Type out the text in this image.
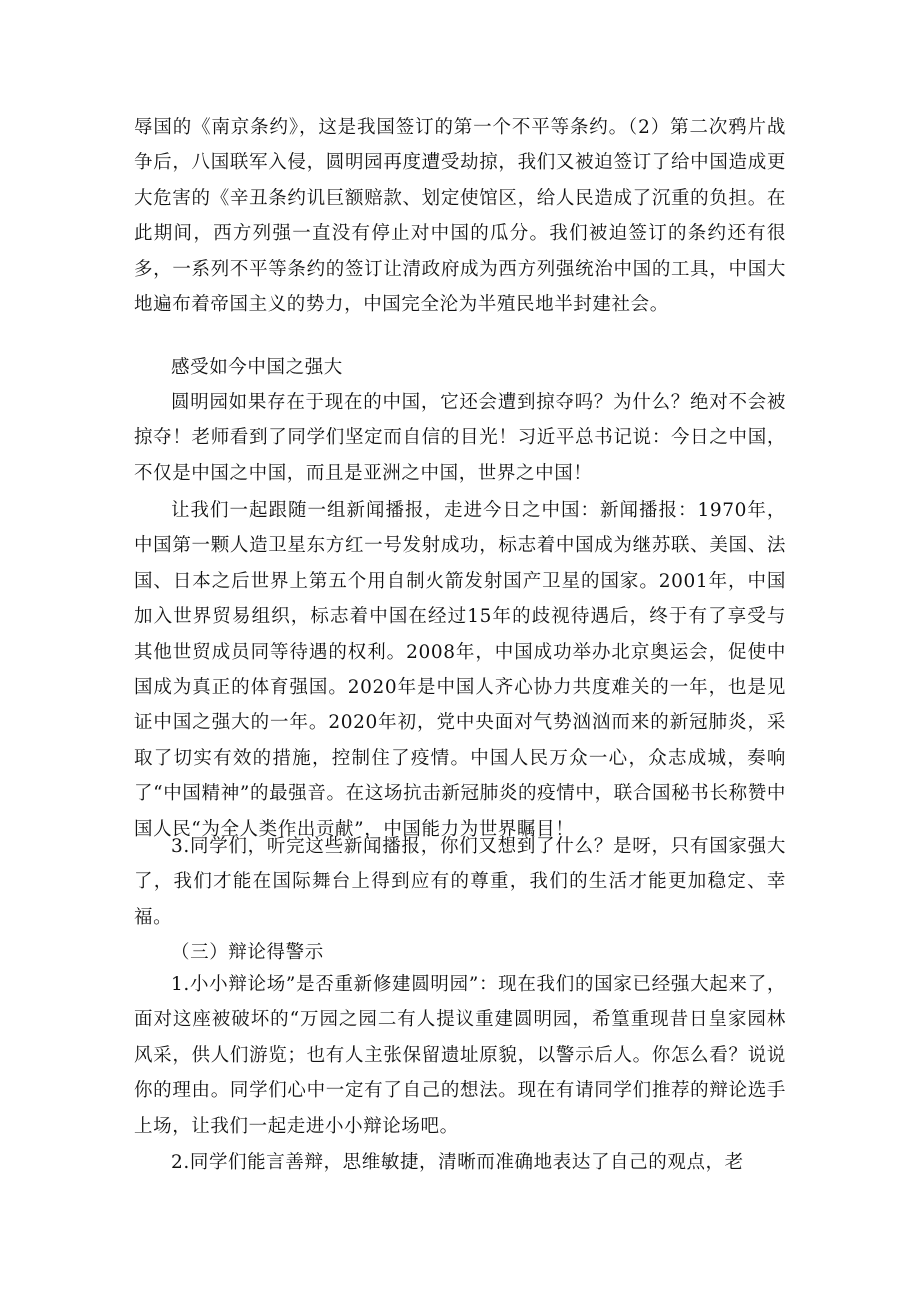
辱国的《南京条约》，这是我国签订的第一个不平等条约。（2）第二次鸦片战争后，八国联军入侵，圆明园再度遭受劫掠，我们又被迫签订了给中国造成更大危害的《辛丑条约讥巨额赔款、划定使馆区，给人民造成了沉重的负担。在此期间，西方列强一直没有停止对中国的瓜分。我们被迫签订的条约还有很多，一系列不平等条约的签订让清政府成为西方列强统治中国的工具，中国大地遍布着帝国主义的势力，中国完全沦为半殖民地半封建社会。

感受如今中国之强大

圆明园如果存在于现在的中国，它还会遭到掠夺吗？为什么？绝对不会被掠夺！老师看到了同学们坚定而自信的目光！习近平总书记说：今日之中国，不仅是中国之中国，而且是亚洲之中国，世界之中国！

让我们一起跟随一组新闻播报，走进今日之中国：新闻播报：1970年，中国第一颗人造卫星东方红一号发射成功，标志着中国成为继苏联、美国、法国、日本之后世界上第五个用自制火箭发射国产卫星的国家。2001年，中国加入世界贸易组织，标志着中国在经过15年的歧视待遇后，终于有了享受与其他世贸成员同等待遇的权利。2008年，中国成功举办北京奥运会，促使中国成为真正的体育强国。2020年是中国人齐心协力共度难关的一年，也是见证中国之强大的一年。2020年初，党中央面对气势汹汹而来的新冠肺炎，采取了切实有效的措施，控制住了疫情。中国人民万众一心，众志成城，奏响了“中国精神”的最强音。在这场抗击新冠肺炎的疫情中，联合国秘书长称赞中国人民“为全人类作出贡献”，中国能力为世界瞩目！

3.同学们，听完这些新闻播报，你们又想到了什么？是呀，只有国家强大了，我们才能在国际舞台上得到应有的尊重，我们的生活才能更加稳定、幸福。

（三）辩论得警示

1.小小辩论场”是否重新修建圆明园”：现在我们的国家已经强大起来了，面对这座被破坏的“万园之园二有人提议重建圆明园，希篁重现昔日皇家园林风采，供人们游览；也有人主张保留遗址原貌，以警示后人。你怎么看？说说你的理由。同学们心中一定有了自己的想法。现在有请同学们推荐的辩论选手上场，让我们一起走进小小辩论场吧。

2.同学们能言善辩，思维敏捷，清晰而准确地表达了自己的观点，老
